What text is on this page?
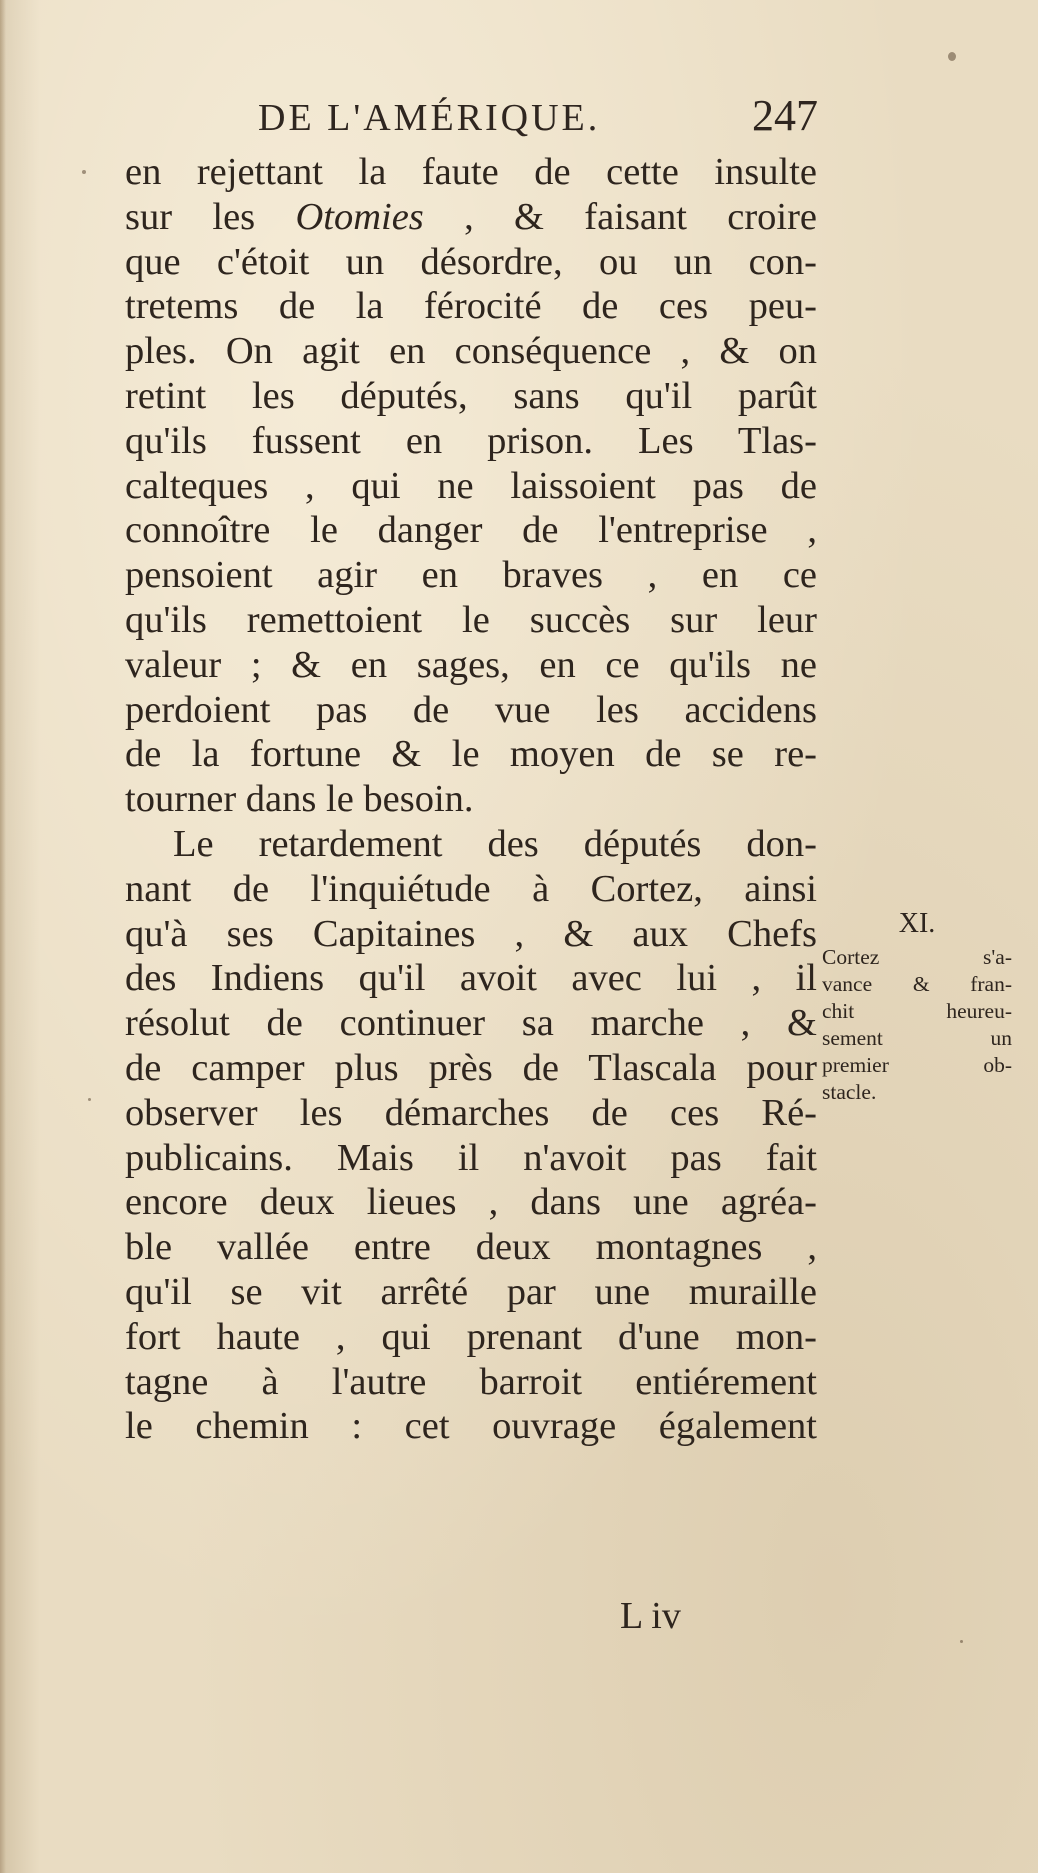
DE L'AMÉRIQUE.	247
en rejettant la faute de cette insulte
sur les Otomies , & faisant croire
que c'étoit un désordre, ou un con-
tretems de la férocité de ces peu-
ples. On agit en conséquence , & on
retint les députés, sans qu'il parût
qu'ils fussent en prison. Les Tlas-
calteques , qui ne laissoient pas de
connoître le danger de l'entreprise ,
pensoient agir en braves , en ce
qu'ils remettoient le succès sur leur
valeur ; & en sages, en ce qu'ils ne
perdoient pas de vue les accidens
de la fortune & le moyen de se re-
tourner dans le besoin.
Le retardement des députés don-
nant de l'inquiétude à Cortez, ainsi
qu'à ses Capitaines , & aux Chefs
des Indiens qu'il avoit avec lui , il
résolut de continuer sa marche , &
de camper plus près de Tlascala pour
observer les démarches de ces Ré-
publicains. Mais il n'avoit pas fait
encore deux lieues , dans une agréa-
ble vallée entre deux montagnes ,
qu'il se vit arrêté par une muraille
fort haute , qui prenant d'une mon-
tagne à l'autre barroit entiérement
le chemin : cet ouvrage également
XI.
Cortez s'a-
vance & fran-
chit heureu-
sement un
premier ob-
stacle.
L iv
